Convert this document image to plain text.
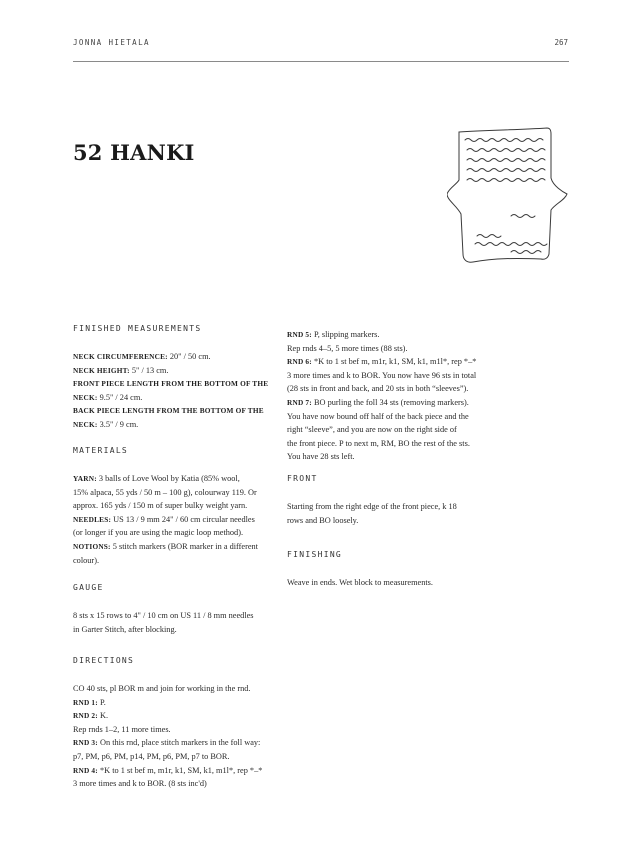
JONNA HIETALA	267
52 HANKI
FINISHED MEASUREMENTS

NECK CIRCUMFERENCE: 20" / 50 cm.
NECK HEIGHT: 5" / 13 cm.
FRONT PIECE LENGTH FROM THE BOTTOM OF THE
NECK: 9.5" / 24 cm.
BACK PIECE LENGTH FROM THE BOTTOM OF THE
NECK: 3.5" / 9 cm.

MATERIALS

YARN: 3 balls of Love Wool by Katia (85% wool,
15% alpaca, 55 yds / 50 m – 100 g), colourway 119. Or
approx. 165 yds / 150 m of super bulky weight yarn.
NEEDLES: US 13 / 9 mm 24" / 60 cm circular needles
(or longer if you are using the magic loop method).
NOTIONS: 5 stitch markers (BOR marker in a different
colour).

GAUGE

8 sts x 15 rows to 4" / 10 cm on US 11 / 8 mm needles
in Garter Stitch, after blocking.

DIRECTIONS

CO 40 sts, pl BOR m and join for working in the rnd.
RND 1: P.
RND 2: K.
Rep rnds 1–2, 11 more times.
RND 3: On this rnd, place stitch markers in the foll way:
p7, PM, p6, PM, p14, PM, p6, PM, p7 to BOR.
RND 4: *K to 1 st bef m, m1r, k1, SM, k1, m1l*, rep *–*
3 more times and k to BOR. (8 sts inc'd)

RND 5: P, slipping markers.
Rep rnds 4–5, 5 more times (88 sts).
RND 6: *K to 1 st bef m, m1r, k1, SM, k1, m1l*, rep *–*
3 more times and k to BOR. You now have 96 sts in total
(28 sts in front and back, and 20 sts in both “sleeves”).
RND 7: BO purling the foll 34 sts (removing markers).
You have now bound off half of the back piece and the
right “sleeve”, and you are now on the right side of
the front piece. P to next m, RM, BO the rest of the sts.
You have 28 sts left.

FRONT

Starting from the right edge of the front piece, k 18
rows and BO loosely.

FINISHING

Weave in ends. Wet block to measurements.
